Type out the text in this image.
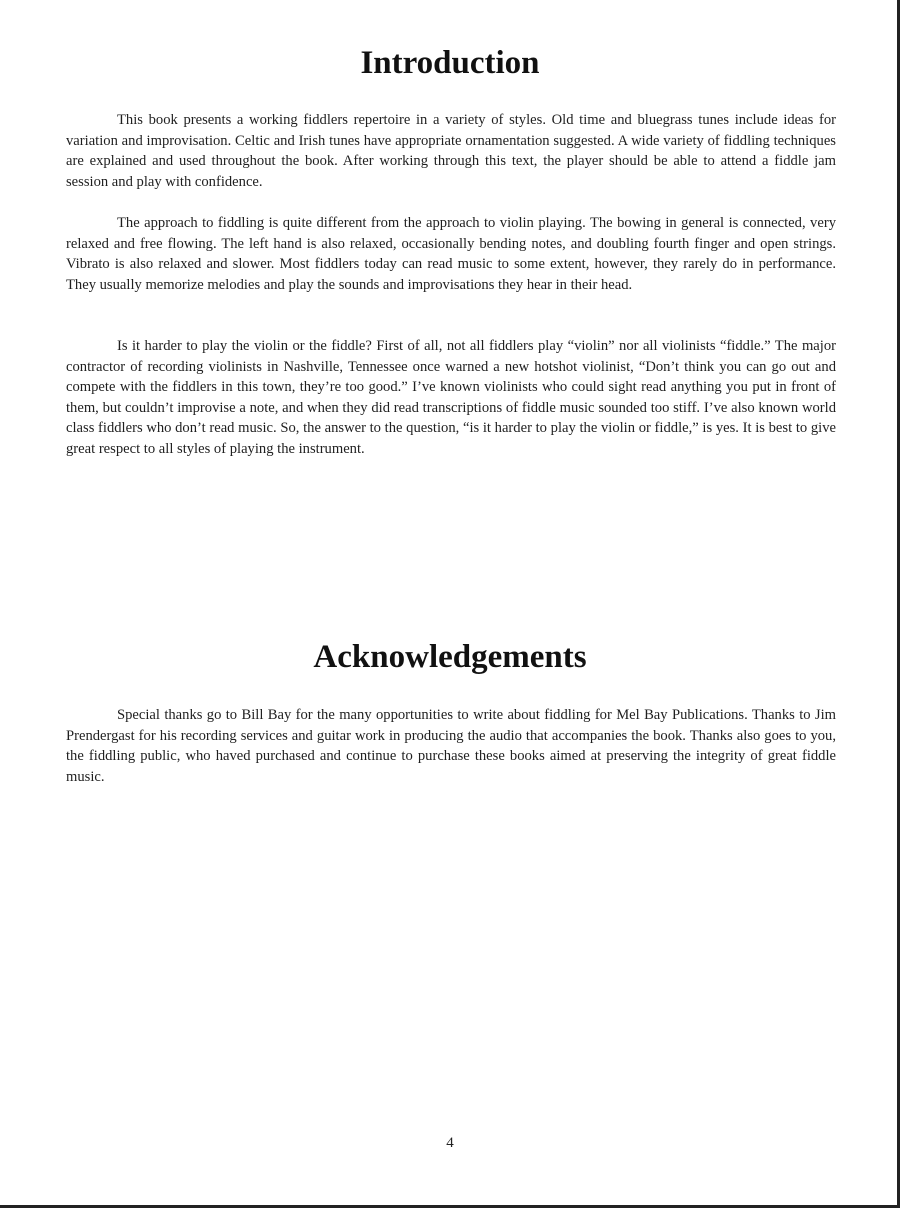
Introduction

This book presents a working fiddlers repertoire in a variety of styles. Old time and bluegrass tunes include ideas for variation and improvisation. Celtic and Irish tunes have appropriate ornamentation suggested. A wide variety of fiddling techniques are explained and used throughout the book. After working through this text, the player should be able to attend a fiddle jam session and play with confidence.

The approach to fiddling is quite different from the approach to violin playing. The bowing in general is connected, very relaxed and free flowing. The left hand is also relaxed, occasionally bending notes, and doubling fourth finger and open strings. Vibrato is also relaxed and slower. Most fiddlers today can read music to some extent, however, they rarely do in performance. They usually memorize melodies and play the sounds and improvisations they hear in their head.

Is it harder to play the violin or the fiddle? First of all, not all fiddlers play “violin” nor all violinists “fiddle.” The major contractor of recording violinists in Nashville, Tennessee once warned a new hotshot violinist, “Don’t think you can go out and compete with the fiddlers in this town, they’re too good.” I’ve known violinists who could sight read anything you put in front of them, but couldn’t improvise a note, and when they did read transcriptions of fiddle music sounded too stiff. I’ve also known world class fiddlers who don’t read music. So, the answer to the question, “is it harder to play the violin or fiddle,” is yes. It is best to give great respect to all styles of playing the instrument.

Acknowledgements

Special thanks go to Bill Bay for the many opportunities to write about fiddling for Mel Bay Publications. Thanks to Jim Prendergast for his recording services and guitar work in producing the audio that accompanies the book. Thanks also goes to you, the fiddling public, who haved purchased and continue to purchase these books aimed at preserving the integrity of great fiddle music.

4
